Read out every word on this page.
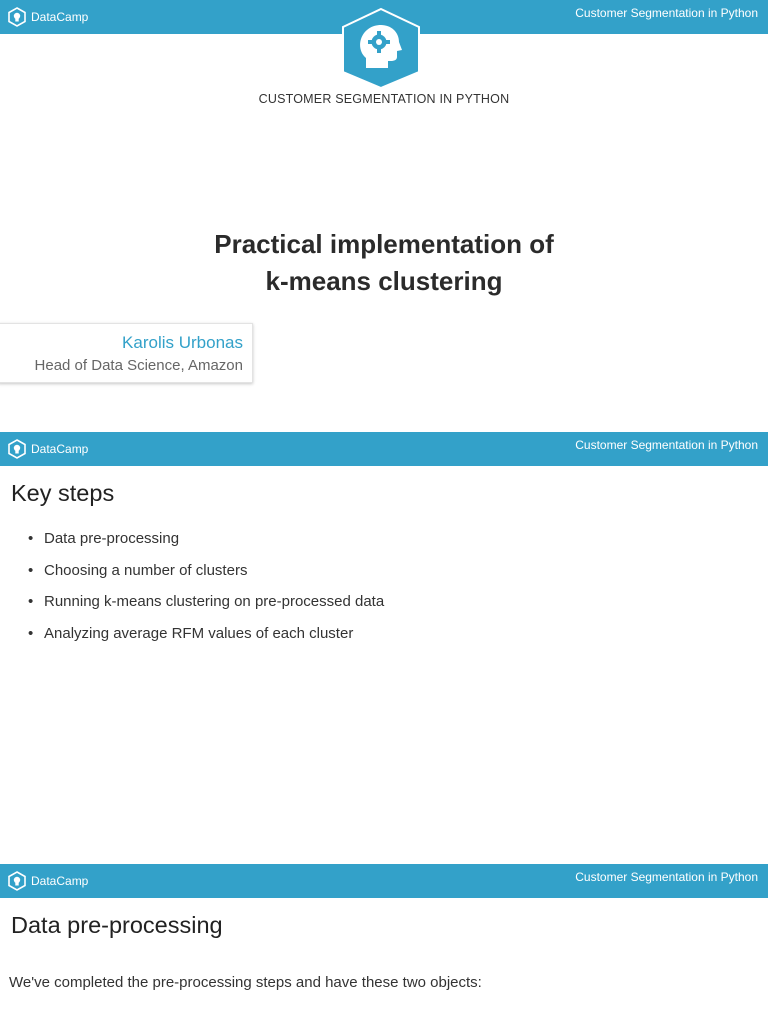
DataCamp	Customer Segmentation in Python
CUSTOMER SEGMENTATION IN PYTHON
Practical implementation of
k-means clustering
Karolis Urbonas
Head of Data Science, Amazon
DataCamp	Customer Segmentation in Python
Key steps
• Data pre-processing
• Choosing a number of clusters
• Running k-means clustering on pre-processed data
• Analyzing average RFM values of each cluster
DataCamp	Customer Segmentation in Python
Data pre-processing
We've completed the pre-processing steps and have these two objects:
